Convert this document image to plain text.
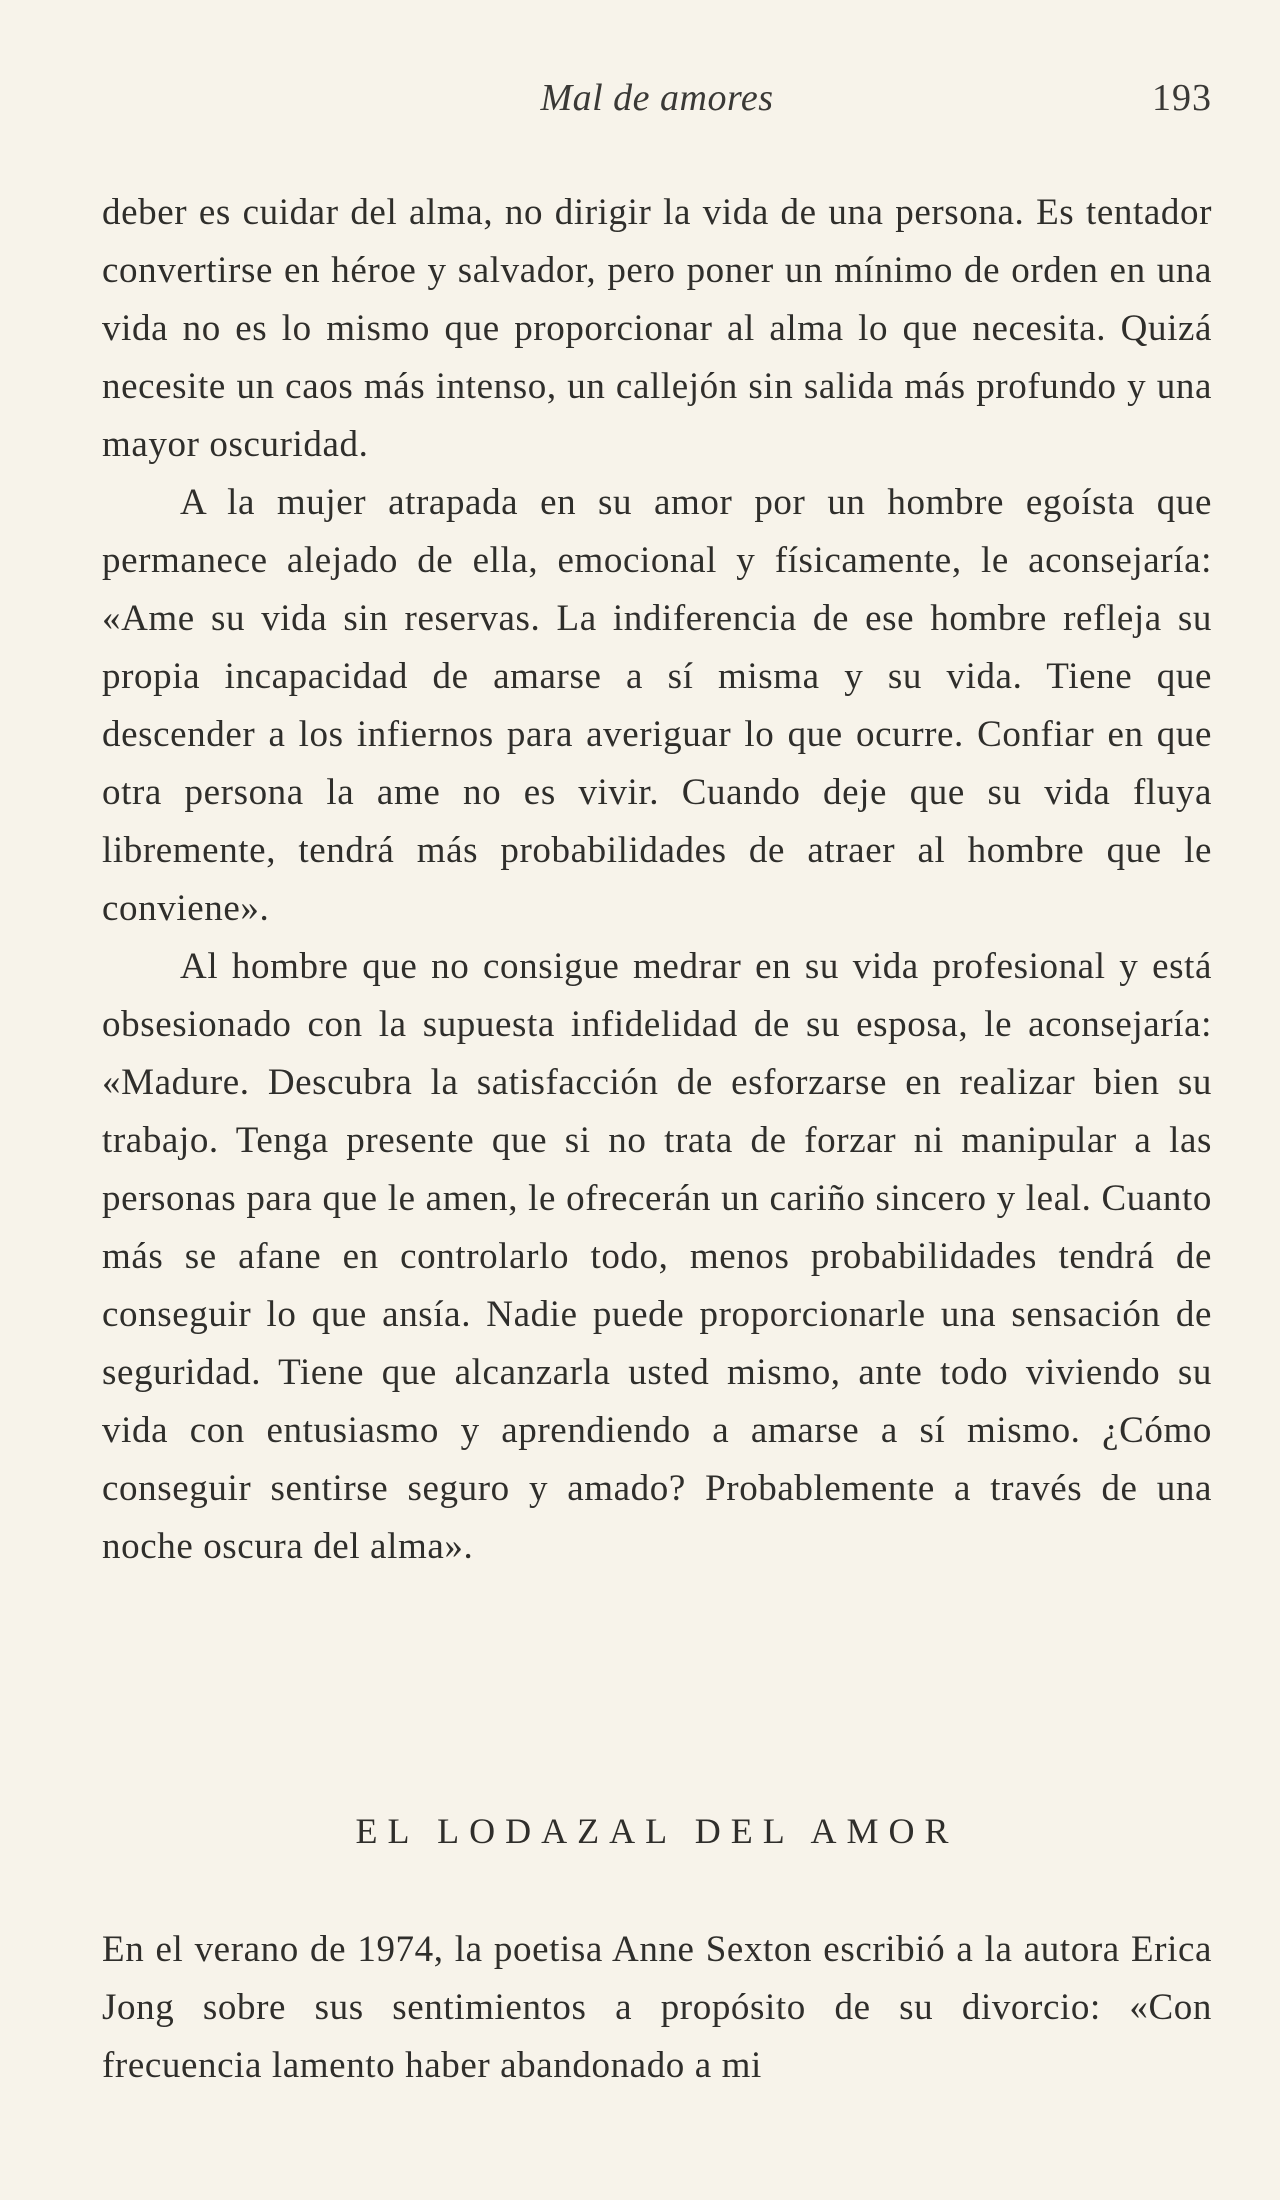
Mal de amores	193

deber es cuidar del alma, no dirigir la vida de una persona. Es tentador convertirse en héroe y salvador, pero poner un mínimo de orden en una vida no es lo mismo que proporcionar al alma lo que necesita. Quizá necesite un caos más intenso, un callejón sin salida más profundo y una mayor oscuridad.

A la mujer atrapada en su amor por un hombre egoísta que permanece alejado de ella, emocional y físicamente, le aconsejaría: «Ame su vida sin reservas. La indiferencia de ese hombre refleja su propia incapacidad de amarse a sí misma y su vida. Tiene que descender a los infiernos para averiguar lo que ocurre. Confiar en que otra persona la ame no es vivir. Cuando deje que su vida fluya libremente, tendrá más probabilidades de atraer al hombre que le conviene».

Al hombre que no consigue medrar en su vida profesional y está obsesionado con la supuesta infidelidad de su esposa, le aconsejaría: «Madure. Descubra la satisfacción de esforzarse en realizar bien su trabajo. Tenga presente que si no trata de forzar ni manipular a las personas para que le amen, le ofrecerán un cariño sincero y leal. Cuanto más se afane en controlarlo todo, menos probabilidades tendrá de conseguir lo que ansía. Nadie puede proporcionarle una sensación de seguridad. Tiene que alcanzarla usted mismo, ante todo viviendo su vida con entusiasmo y aprendiendo a amarse a sí mismo. ¿Cómo conseguir sentirse seguro y amado? Probablemente a través de una noche oscura del alma».

EL LODAZAL DEL AMOR

En el verano de 1974, la poetisa Anne Sexton escribió a la autora Erica Jong sobre sus sentimientos a propósito de su divorcio: «Con frecuencia lamento haber abandonado a mi
